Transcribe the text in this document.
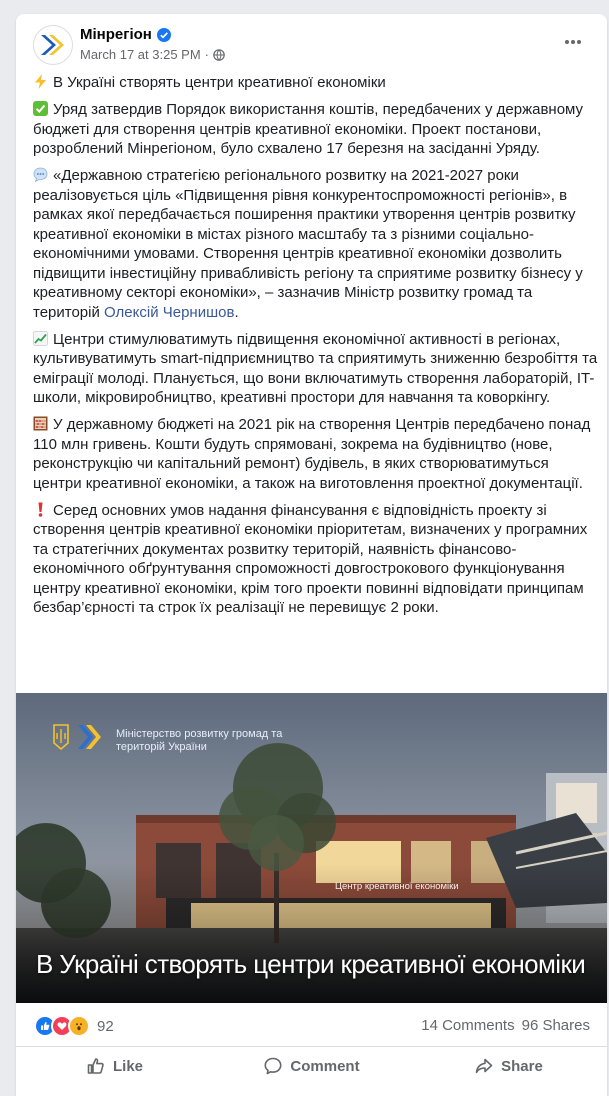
Мінрегіон
March 17 at 3:25 PM ·

В Україні створять центри креативної економіки

Уряд затвердив Порядок використання коштів, передбачених у державному бюджеті для створення центрів креативної економіки. Проект постанови, розроблений Мінрегіоном, було схвалено 17 березня на засіданні Уряду.

«Державною стратегією регіонального розвитку на 2021-2027 роки реалізовується ціль «Підвищення рівня конкурентоспроможності регіонів», в рамках якої передбачається поширення практики утворення центрів розвитку креативної економіки в містах різного масштабу та з різними соціально-економічними умовами. Створення центрів креативної економіки дозволить підвищити інвестиційну привабливість регіону та сприятиме розвитку бізнесу у креативному секторі економіки», – зазначив Міністр розвитку громад та територій Олексій Чернишов.

Центри стимулюватимуть підвищення економічної активності в регіонах, культивуватимуть smart-підприємництво та сприятимуть зниженню безробіття та еміграції молоді. Планується, що вони включатимуть створення лабораторій, IT-школи, мікровиробництво, креативні простори для навчання та коворкінгу.

У державному бюджеті на 2021 рік на створення Центрів передбачено понад 110 млн гривень. Кошти будуть спрямовані, зокрема на будівництво (нове, реконструкцію чи капітальний ремонт) будівель, в яких створюватимуться центри креативної економіки, а також на виготовлення проектної документації.

Серед основних умов надання фінансування є відповідність проекту зі створення центрів креативної економіки пріоритетам, визначених у програмних та стратегічних документах розвитку територій, наявність фінансово-економічного обґрунтування спроможності довгострокового функціонування центру креативної економіки, крім того проекти повинні відповідати принципам безбар’єрності та строк їх реалізації не перевищує 2 роки.

Міністерство розвитку громад та територій України
Центр креативної економіки
В Україні створять центри креативної економіки
92	14 Comments 96 Shares
Like	Comment	Share
